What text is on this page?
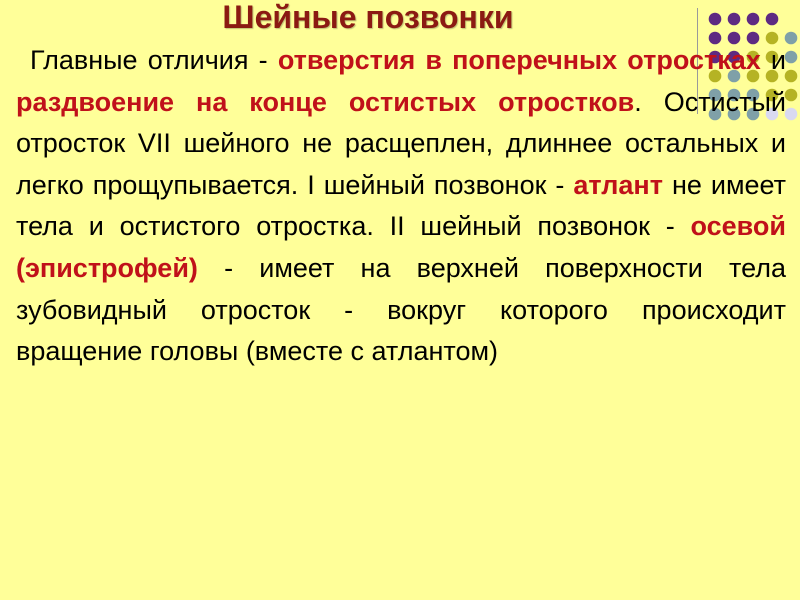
Шейные позвонки
Главные отличия - отверстия в поперечных отростках и раздвоение на конце остистых отростков. Остистый отросток VII шейного не расщеплен, длиннее остальных и легко прощупывается. I шейный позвонок - атлант не имеет тела и остистого отростка. II шейный позвонок - осевой (эпистрофей) - имеет на верхней поверхности тела зубовидный отросток - вокруг которого происходит вращение головы (вместе с атлантом)
